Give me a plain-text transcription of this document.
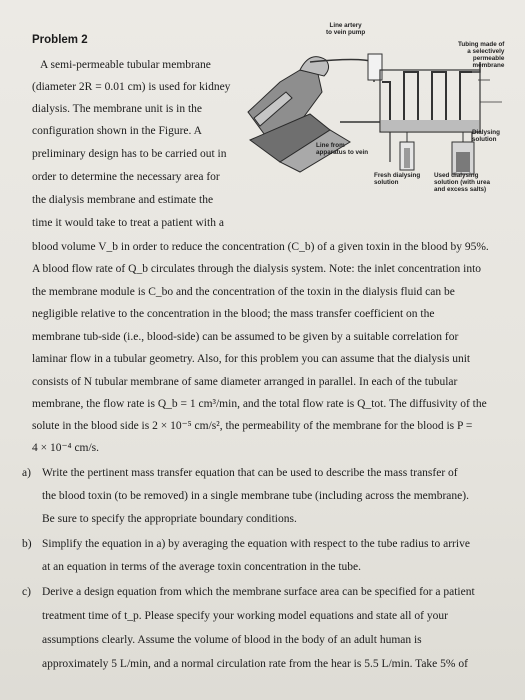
Problem 2
A semi-permeable tubular membrane
(diameter 2R = 0.01 cm) is used for kidney
dialysis. The membrane unit is in the
configuration shown in the Figure. A
preliminary design has to be carried out in
order to determine the necessary area for
the dialysis membrane and estimate the
time it would take to treat a patient with a
Line artery
to vein pump
Tubing made of
a selectively
permeable
membrane
Dialysing
solution
Line from
apparatus to vein
Fresh dialysing
solution
Used dialysing
solution (with urea
and excess salts)
blood volume V_b in order to reduce the concentration (C_b) of a given toxin in the blood by 95%.
A blood flow rate of Q_b circulates through the dialysis system. Note: the inlet concentration into
the membrane module is C_bo and the concentration of the toxin in the dialysis fluid can be
negligible relative to the concentration in the blood; the mass transfer coefficient on the
membrane tub-side (i.e., blood-side) can be assumed to be given by a suitable correlation for
laminar flow in a tubular geometry. Also, for this problem you can assume that the dialysis unit
consists of N tubular membrane of same diameter arranged in parallel. In each of the tubular
membrane, the flow rate is Q_b = 1 cm³/min, and the total flow rate is Q_tot. The diffusivity of the
solute in the blood side is 2 × 10⁻⁵ cm/s², the permeability of the membrane for the blood is P =
4 × 10⁻⁴ cm/s.
a) Write the pertinent mass transfer equation that can be used to describe the mass transfer of
the blood toxin (to be removed) in a single membrane tube (including across the membrane).
Be sure to specify the appropriate boundary conditions.
b) Simplify the equation in a) by averaging the equation with respect to the tube radius to arrive
at an equation in terms of the average toxin concentration in the tube.
c) Derive a design equation from which the membrane surface area can be specified for a patient
treatment time of t_p. Please specify your working model equations and state all of your
assumptions clearly. Assume the volume of blood in the body of an adult human is
approximately 5 L/min, and a normal circulation rate from the hear is 5.5 L/min. Take 5% of
